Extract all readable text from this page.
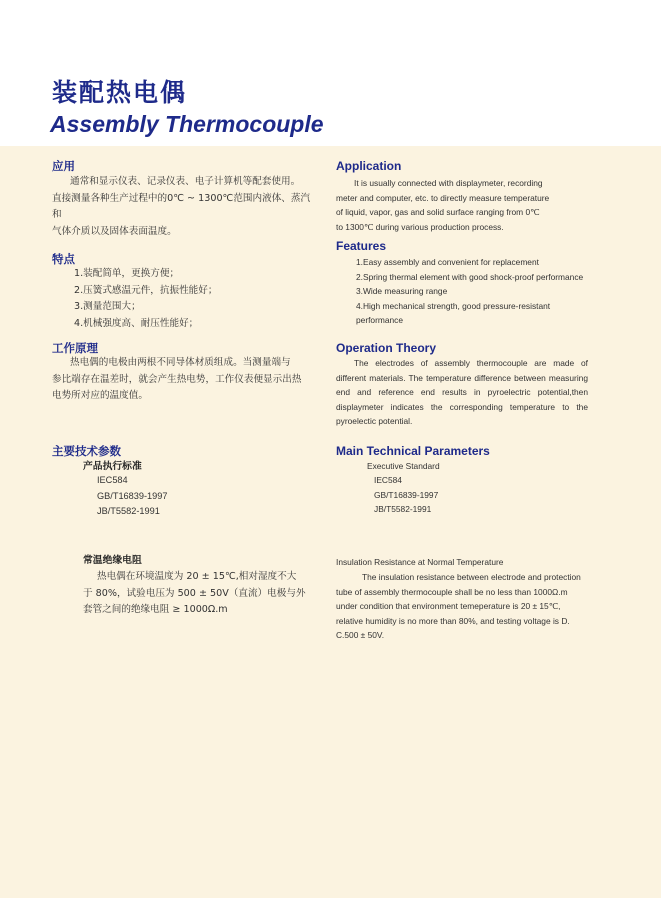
装配热电偶
Assembly Thermocouple
应用
通常和显示仪表、记录仪表、电子计算机等配套使用。
直接测量各种生产过程中的0℃ ~ 1300℃范围内液体、蒸汽和
气体介质以及固体表面温度。
特点
1.装配简单，更换方便；
2.压簧式感温元件，抗振性能好；
3.测量范围大；
4.机械强度高、耐压性能好；
工作原理
热电偶的电极由两根不同导体材质组成。当测量端与
参比端存在温差时，就会产生热电势，工作仪表便显示出热
电势所对应的温度值。
主要技术参数
产品执行标准
IEC584
GB/T16839-1997
JB/T5582-1991
常温绝缘电阻
热电偶在环境温度为 20 ± 15℃,相对湿度不大
于 80%，试验电压为 500 ± 50V（直流）电极与外
套管之间的绝缘电阻 ≥ 1000Ω.m
Application
It is usually connected with displaymeter, recording
meter and computer, etc. to directly measure temperature
of liquid, vapor, gas and solid surface ranging from 0℃
to 1300℃ during various production process.
Features
1.Easy assembly and convenient for replacement
2.Spring thermal element with good shock-proof performance
3.Wide measuring range
4.High mechanical strength, good pressure-resistant
performance
Operation Theory
The electrodes of assembly thermocouple are made of
different materials. The temperature difference between measuring
end and reference end results in pyroelectric potential,then
displaymeter indicates the corresponding temperature to the
pyroelectic potential.
Main Technical Parameters
Executive Standard
IEC584
GB/T16839-1997
JB/T5582-1991
Insulation Resistance at Normal Temperature
The insulation resistance between electrode and protection
tube of assembly thermocouple shall be no less than 1000Ω.m
under condition that environment temeperature is 20 ± 15℃,
relative humidity is no more than 80%, and testing voltage is D.
C.500 ± 50V.
